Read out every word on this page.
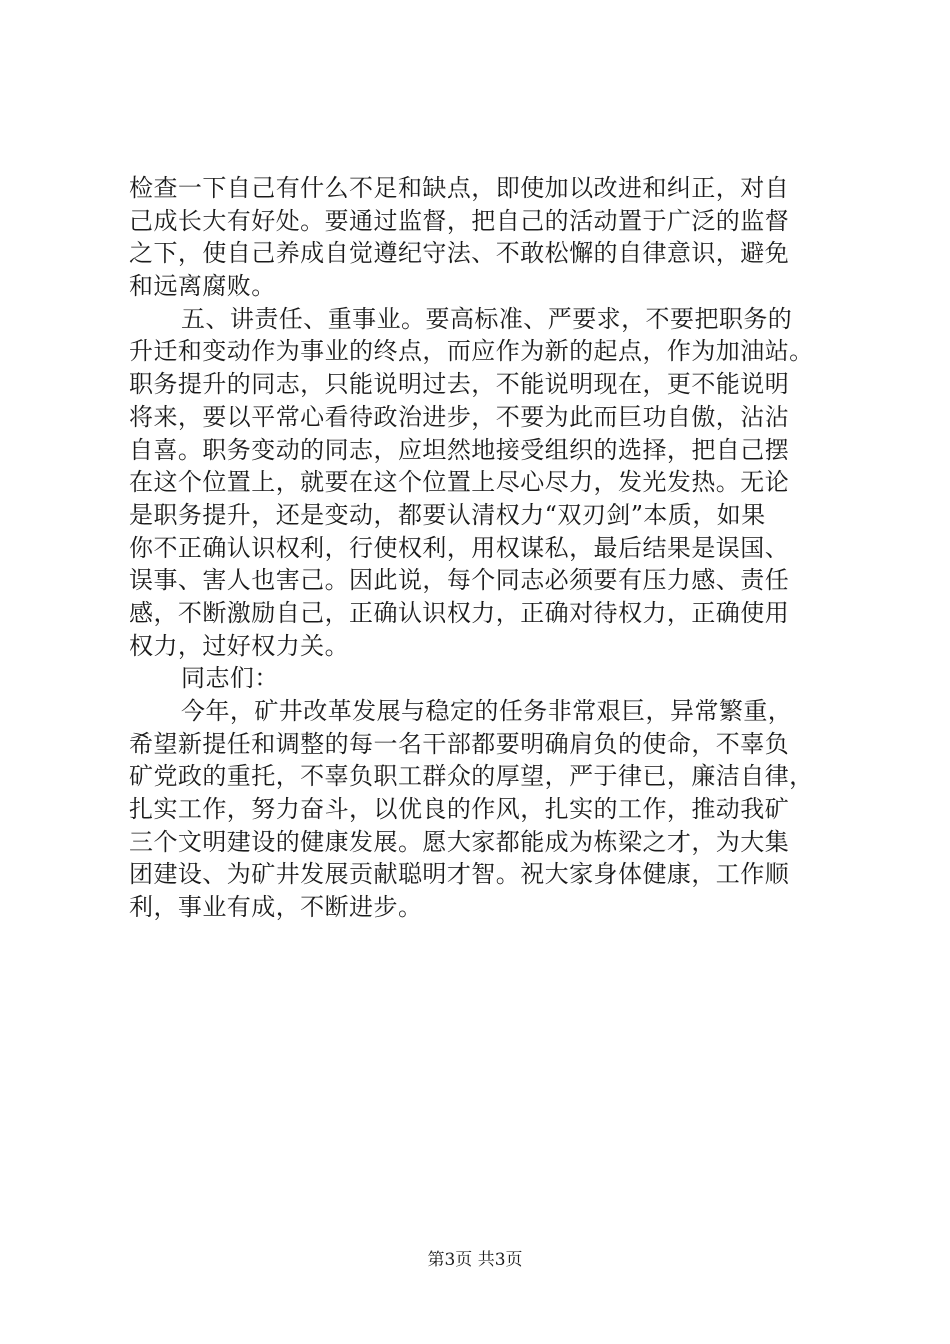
检查一下自己有什么不足和缺点，即使加以改进和纠正，对自
己成长大有好处。要通过监督，把自己的活动置于广泛的监督
之下，使自己养成自觉遵纪守法、不敢松懈的自律意识，避免
和远离腐败。
五、讲责任、重事业。要高标准、严要求，不要把职务的
升迁和变动作为事业的终点，而应作为新的起点，作为加油站。
职务提升的同志，只能说明过去，不能说明现在，更不能说明
将来，要以平常心看待政治进步，不要为此而巨功自傲，沾沾
自喜。职务变动的同志，应坦然地接受组织的选择，把自己摆
在这个位置上，就要在这个位置上尽心尽力，发光发热。无论
是职务提升，还是变动，都要认清权力“双刃剑”本质，如果
你不正确认识权利，行使权利，用权谋私，最后结果是误国、
误事、害人也害己。因此说，每个同志必须要有压力感、责任
感，不断激励自己，正确认识权力，正确对待权力，正确使用
权力，过好权力关。
同志们：
今年，矿井改革发展与稳定的任务非常艰巨，异常繁重，
希望新提任和调整的每一名干部都要明确肩负的使命，不辜负
矿党政的重托，不辜负职工群众的厚望，严于律已，廉洁自律，
扎实工作，努力奋斗，以优良的作风，扎实的工作，推动我矿
三个文明建设的健康发展。愿大家都能成为栋梁之才，为大集
团建设、为矿井发展贡献聪明才智。祝大家身体健康，工作顺
利，事业有成，不断进步。
第3页 共3页
